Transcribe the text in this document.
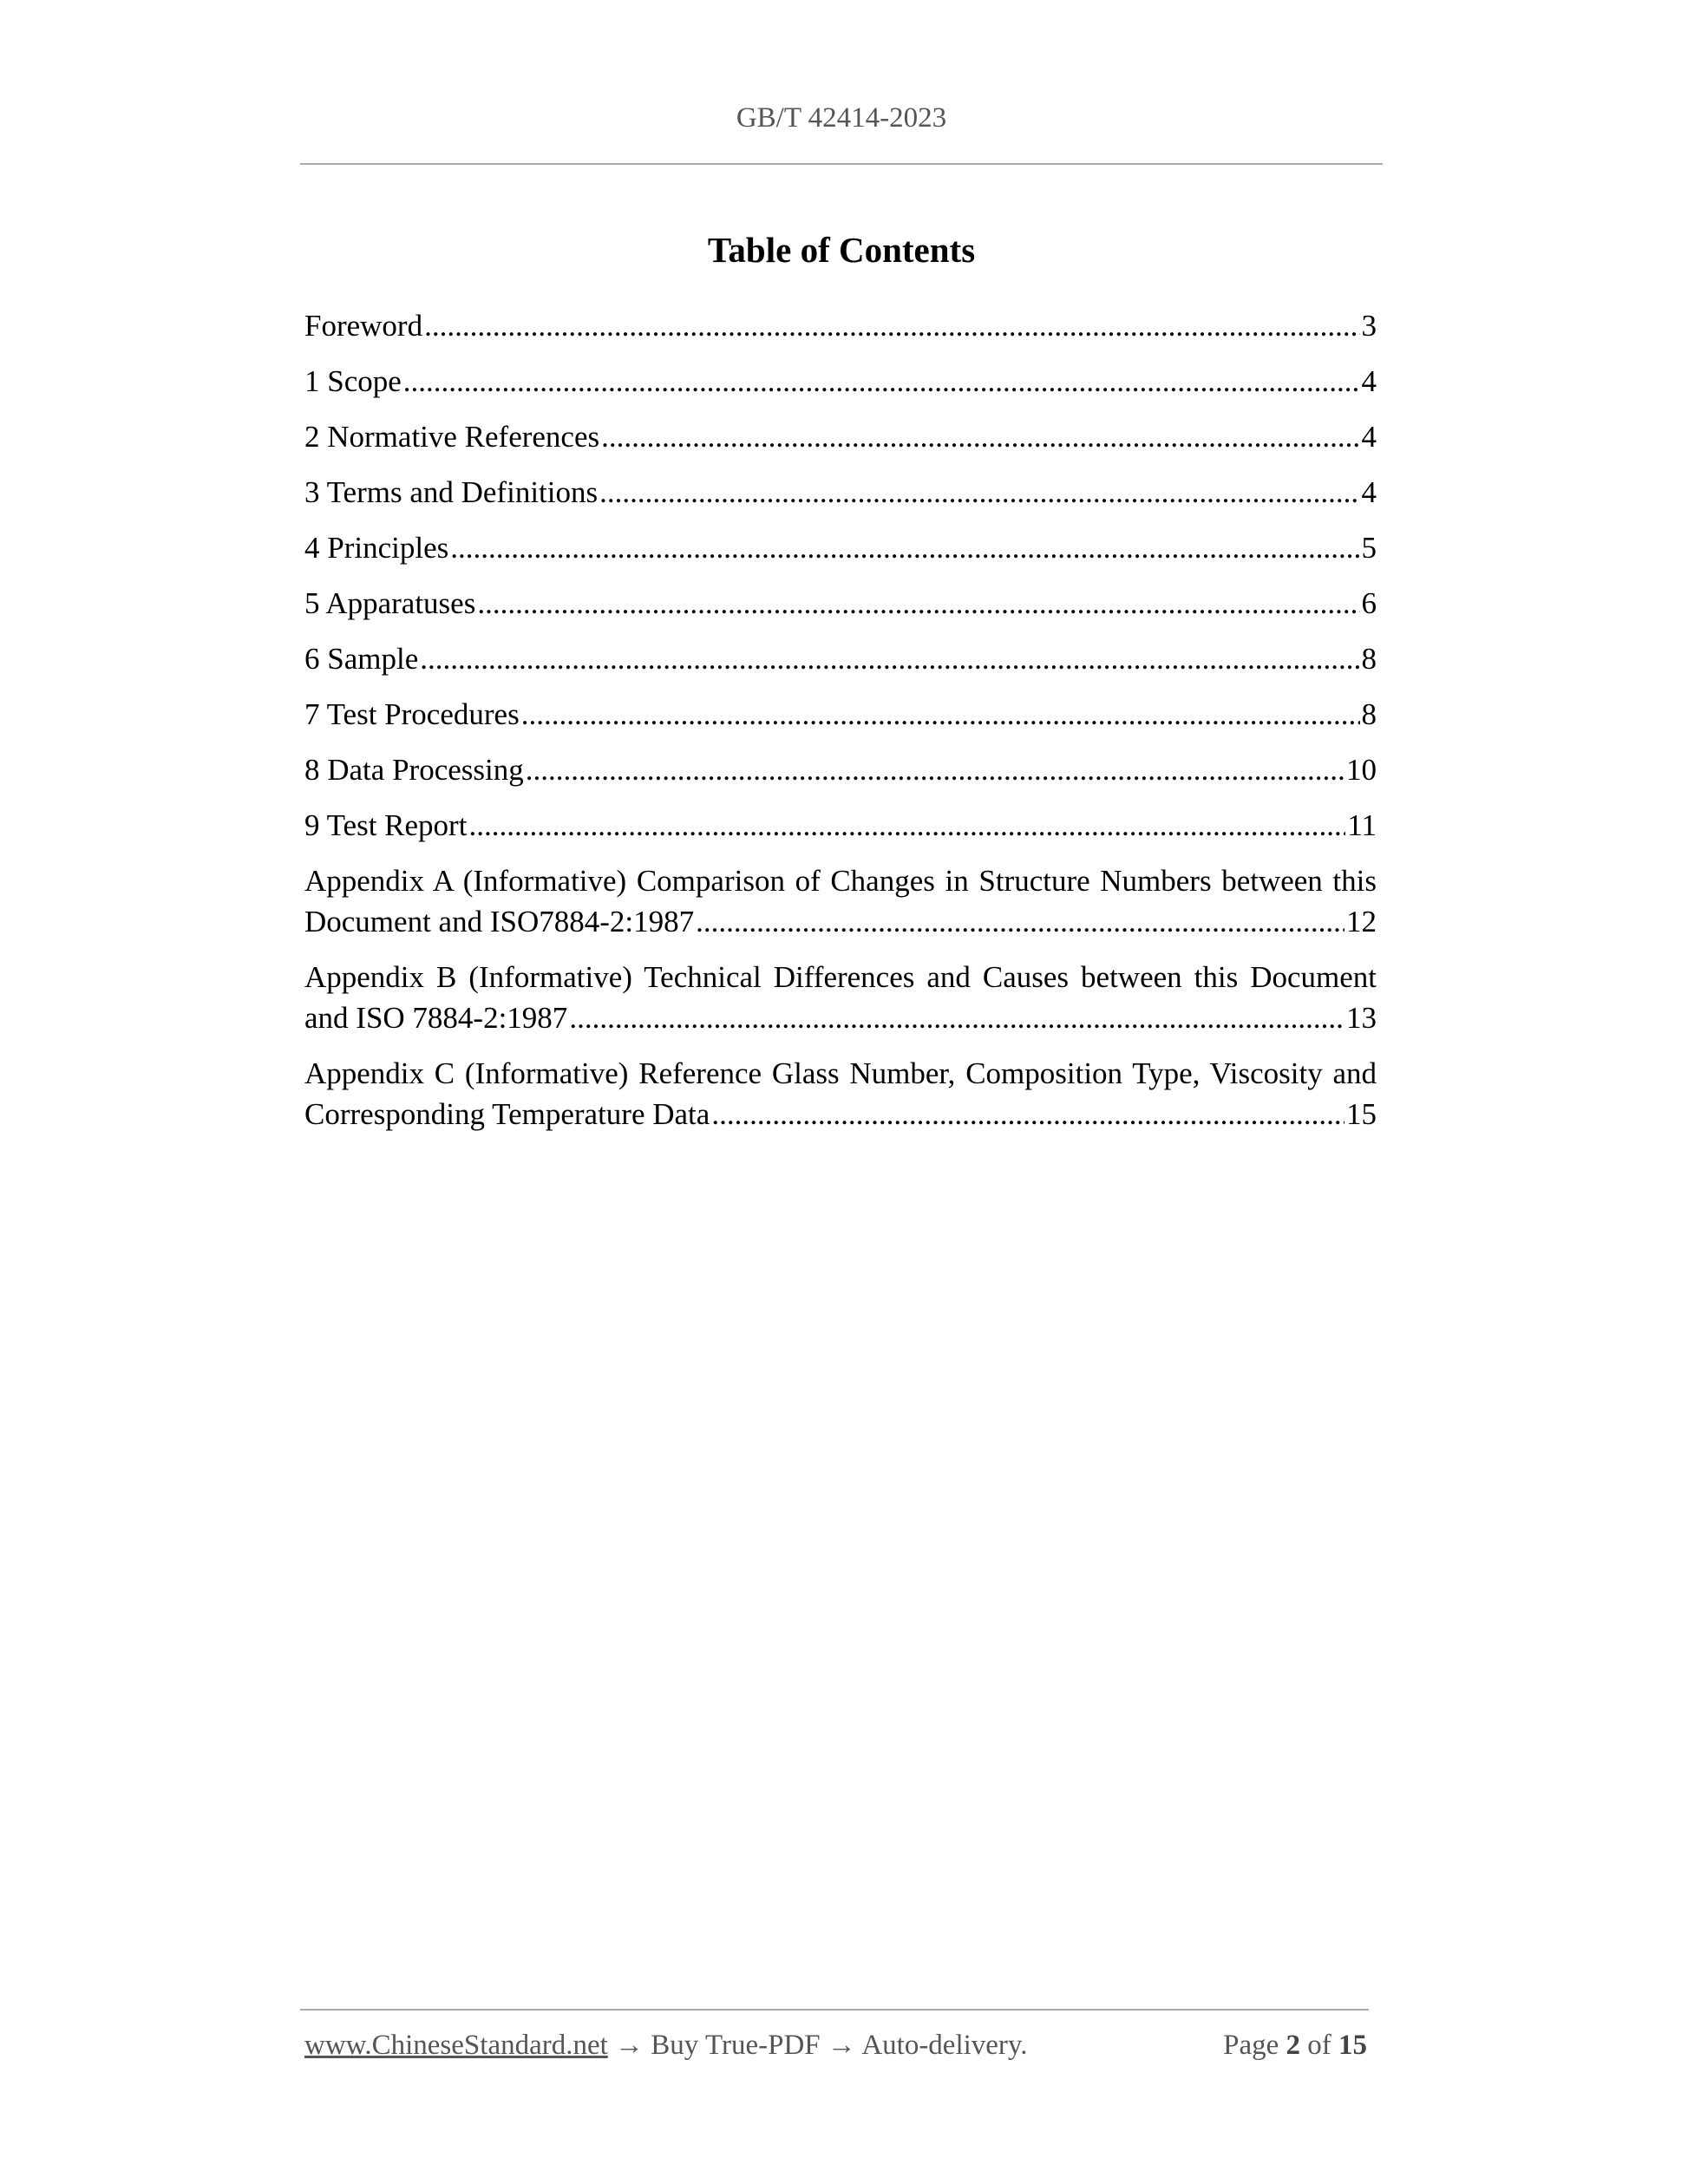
GB/T 42414-2023
Table of Contents
Foreword .....	3
1 Scope .....	4
2 Normative References .....	4
3 Terms and Definitions .....	4
4 Principles .....	5
5 Apparatuses .....	6
6 Sample .....	8
7 Test Procedures .....	8
8 Data Processing .....	10
9 Test Report .....	11
Appendix A (Informative) Comparison of Changes in Structure Numbers between this
Document and ISO7884-2:1987 .....	12
Appendix B (Informative) Technical Differences and Causes between this Document
and ISO 7884-2:1987 .....	13
Appendix C (Informative) Reference Glass Number, Composition Type, Viscosity and
Corresponding Temperature Data .....	15
www.ChineseStandard.net → Buy True-PDF → Auto-delivery.	Page 2 of 15
